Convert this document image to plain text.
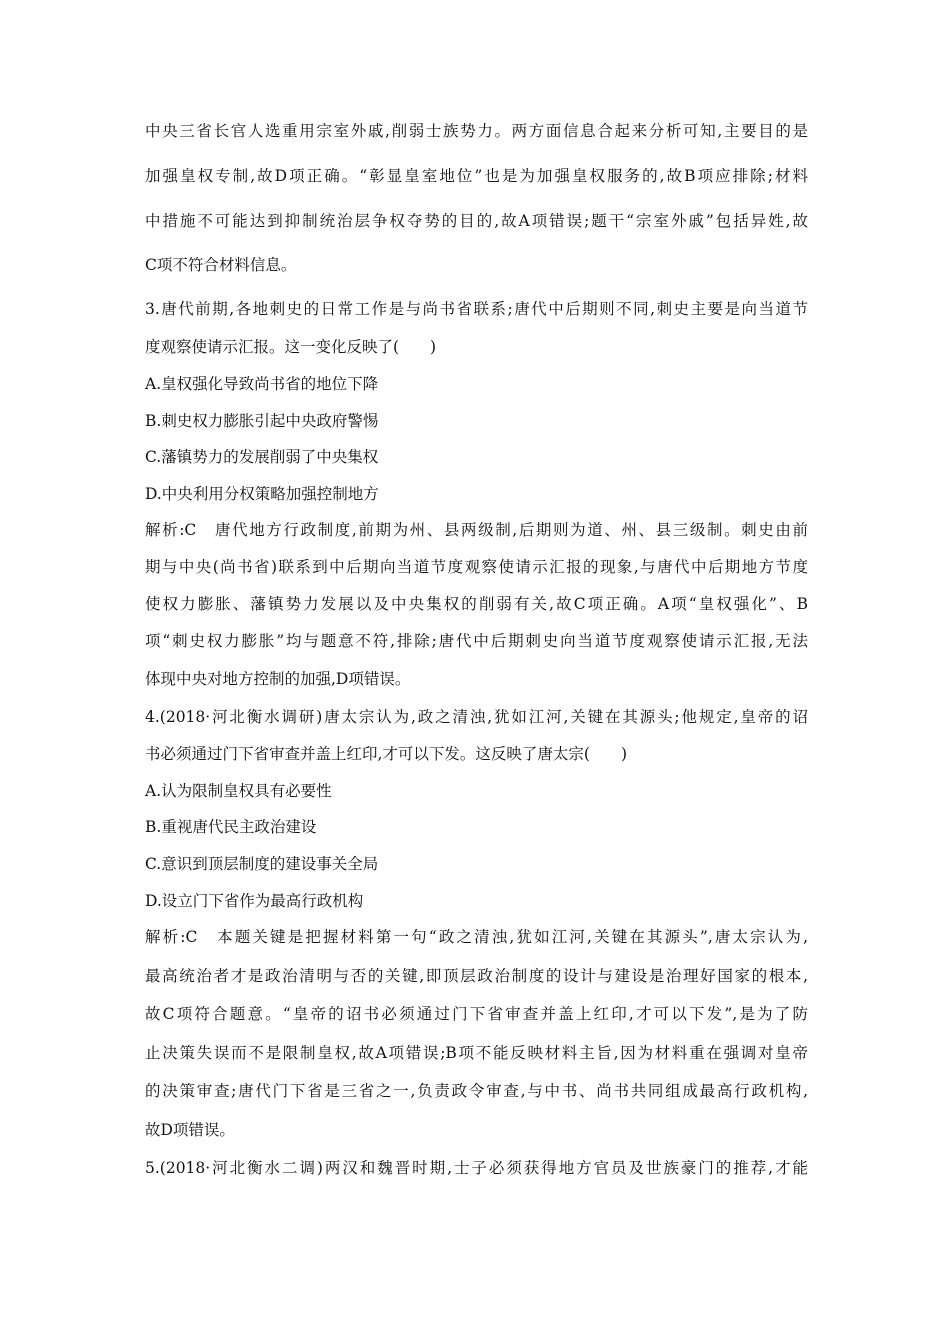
中央三省长官人选重用宗室外戚,削弱士族势力。两方面信息合起来分析可知,主要目的是
加强皇权专制,故D项正确。“彰显皇室地位”也是为加强皇权服务的,故B项应排除;材料
中措施不可能达到抑制统治层争权夺势的目的,故A项错误;题干“宗室外戚”包括异姓,故
C项不符合材料信息。
3.唐代前期,各地刺史的日常工作是与尚书省联系;唐代中后期则不同,刺史主要是向当道节
度观察使请示汇报。这一变化反映了(　　)
A.皇权强化导致尚书省的地位下降
B.刺史权力膨胀引起中央政府警惕
C.藩镇势力的发展削弱了中央集权
D.中央利用分权策略加强控制地方
解析:C　唐代地方行政制度,前期为州、县两级制,后期则为道、州、县三级制。刺史由前
期与中央(尚书省)联系到中后期向当道节度观察使请示汇报的现象,与唐代中后期地方节度
使权力膨胀、藩镇势力发展以及中央集权的削弱有关,故C项正确。A项“皇权强化”、B
项“刺史权力膨胀”均与题意不符,排除;唐代中后期刺史向当道节度观察使请示汇报,无法
体现中央对地方控制的加强,D项错误。
4.(2018·河北衡水调研)唐太宗认为,政之清浊,犹如江河,关键在其源头;他规定,皇帝的诏
书必须通过门下省审查并盖上红印,才可以下发。这反映了唐太宗(　　)
A.认为限制皇权具有必要性
B.重视唐代民主政治建设
C.意识到顶层制度的建设事关全局
D.设立门下省作为最高行政机构
解析:C　本题关键是把握材料第一句“政之清浊,犹如江河,关键在其源头”,唐太宗认为,
最高统治者才是政治清明与否的关键,即顶层政治制度的设计与建设是治理好国家的根本,
故C项符合题意。“皇帝的诏书必须通过门下省审查并盖上红印,才可以下发”,是为了防
止决策失误而不是限制皇权,故A项错误;B项不能反映材料主旨,因为材料重在强调对皇帝
的决策审查;唐代门下省是三省之一,负责政令审查,与中书、尚书共同组成最高行政机构,
故D项错误。
5.(2018·河北衡水二调)两汉和魏晋时期,士子必须获得地方官员及世族豪门的推荐,才能
